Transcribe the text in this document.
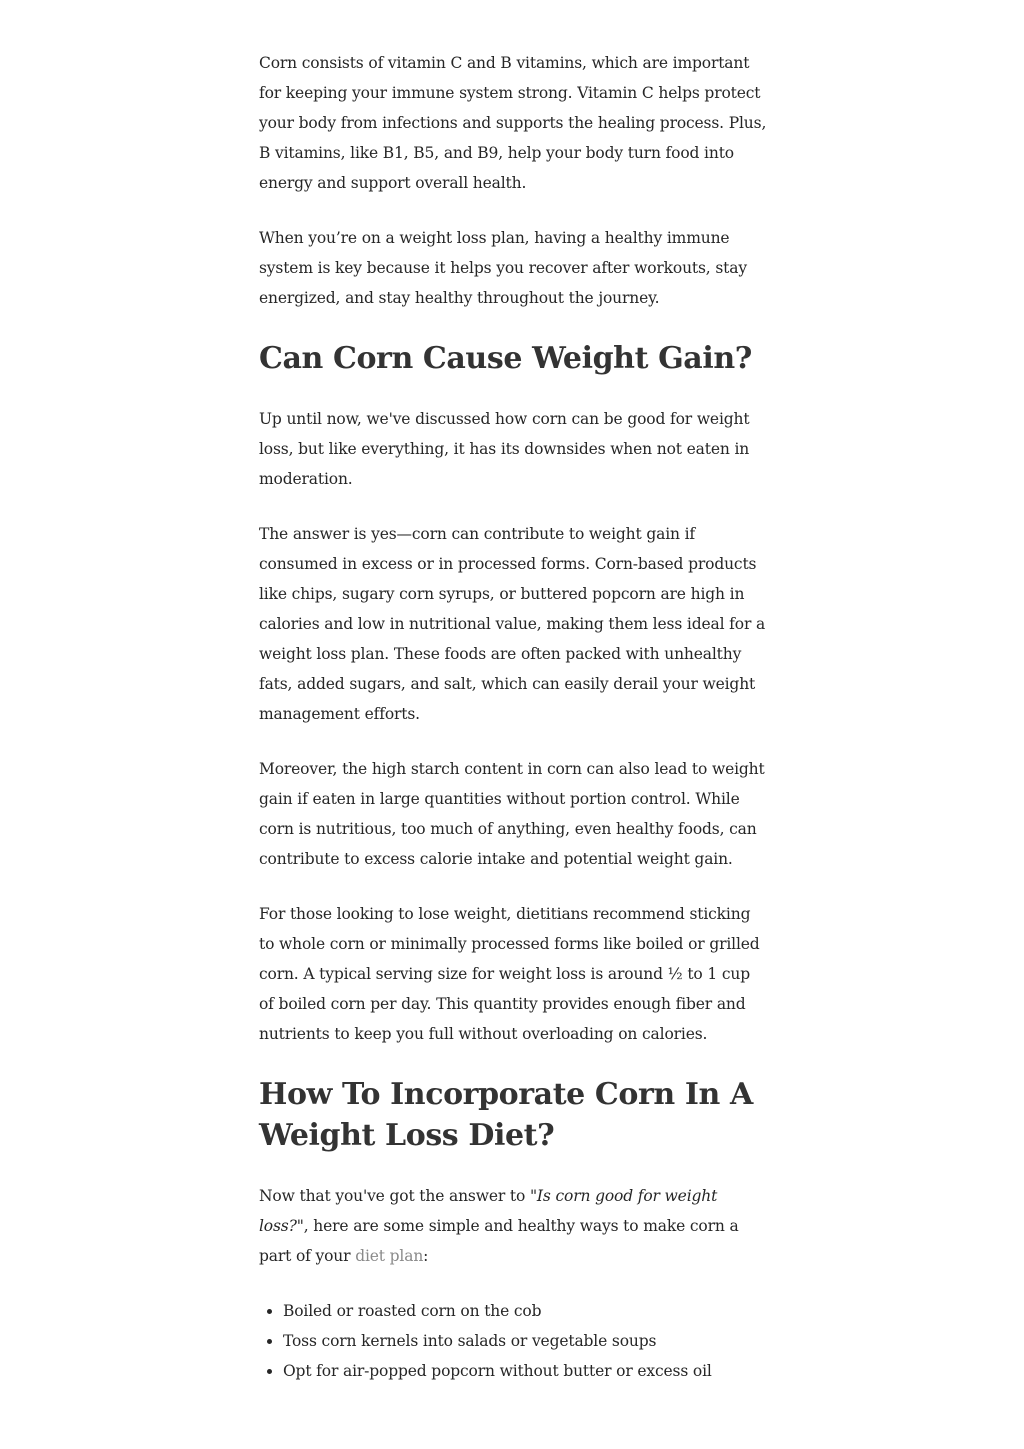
Corn consists of vitamin C and B vitamins, which are important for keeping your immune system strong. Vitamin C helps protect your body from infections and supports the healing process. Plus, B vitamins, like B1, B5, and B9, help your body turn food into energy and support overall health.

When you’re on a weight loss plan, having a healthy immune system is key because it helps you recover after workouts, stay energized, and stay healthy throughout the journey.

Can Corn Cause Weight Gain?

Up until now, we've discussed how corn can be good for weight loss, but like everything, it has its downsides when not eaten in moderation.

The answer is yes—corn can contribute to weight gain if consumed in excess or in processed forms. Corn-based products like chips, sugary corn syrups, or buttered popcorn are high in calories and low in nutritional value, making them less ideal for a weight loss plan. These foods are often packed with unhealthy fats, added sugars, and salt, which can easily derail your weight management efforts.

Moreover, the high starch content in corn can also lead to weight gain if eaten in large quantities without portion control. While corn is nutritious, too much of anything, even healthy foods, can contribute to excess calorie intake and potential weight gain.

For those looking to lose weight, dietitians recommend sticking to whole corn or minimally processed forms like boiled or grilled corn. A typical serving size for weight loss is around ½ to 1 cup of boiled corn per day. This quantity provides enough fiber and nutrients to keep you full without overloading on calories.

How To Incorporate Corn In A Weight Loss Diet?

Now that you've got the answer to "Is corn good for weight loss?", here are some simple and healthy ways to make corn a part of your diet plan:

Boiled or roasted corn on the cob
Toss corn kernels into salads or vegetable soups
Opt for air-popped popcorn without butter or excess oil
